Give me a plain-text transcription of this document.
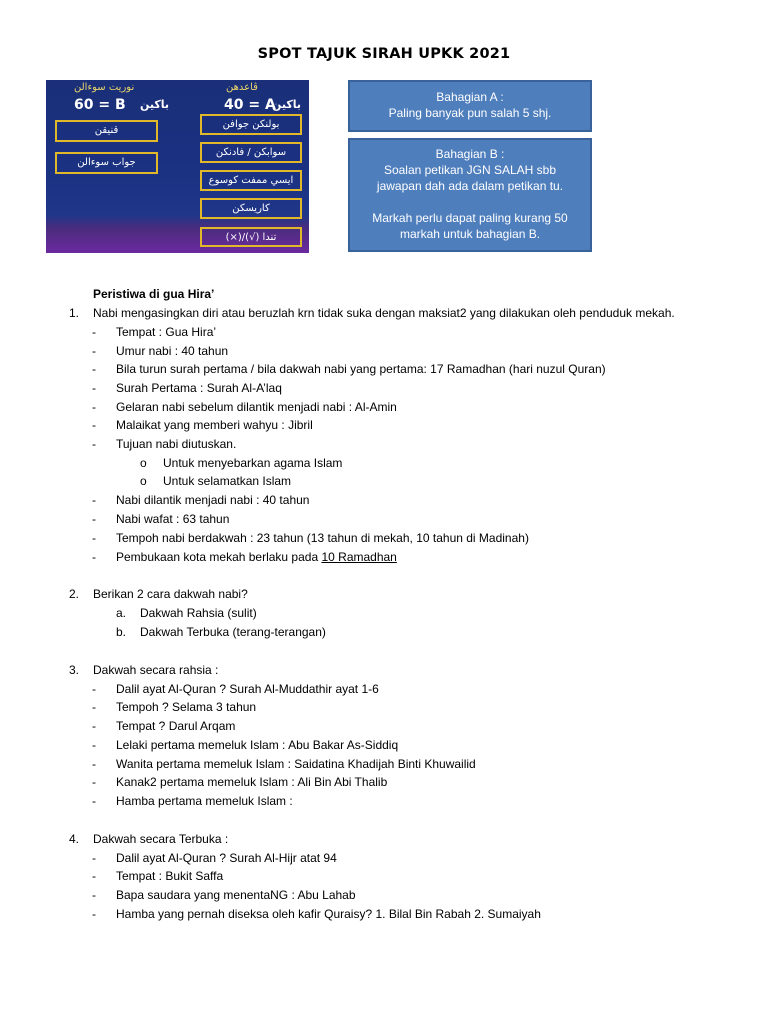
SPOT TAJUK SIRAH UPKK 2021
نوريت سوءالن	ڤاعدهن
60 = B باكين	40 = A
باكين
قنيقن
جواب سوءالن
بولنكن جوافن
سوابكن / فادنكن
ايسي ممفت كوسوع
كاريسكن
(×)/(√) تندا

Bahagian A :

Paling banyak pun salah 5 shj.

Bahagian B :

Soalan petikan JGN SALAH sbb

jawapan dah ada dalam petikan tu.

Markah perlu dapat paling kurang 50

markah untuk bahagian B.

Peristiwa di gua Hira’
1. Nabi mengasingkan diri atau beruzlah krn tidak suka dengan maksiat2 yang dilakukan oleh penduduk mekah.
- Tempat : Gua Hira’
- Umur nabi : 40 tahun
- Bila turun surah pertama / bila dakwah nabi yang pertama: 17 Ramadhan (hari nuzul Quran)
- Surah Pertama : Surah Al-A’laq
- Gelaran nabi sebelum dilantik menjadi nabi : Al-Amin
- Malaikat yang memberi wahyu : Jibril
- Tujuan nabi diutuskan.
o Untuk menyebarkan agama Islam
o Untuk selamatkan Islam
- Nabi dilantik menjadi nabi : 40 tahun
- Nabi wafat : 63 tahun
- Tempoh nabi berdakwah : 23 tahun (13 tahun di mekah, 10 tahun di Madinah)
- Pembukaan kota mekah berlaku pada 10 Ramadhan
2. Berikan 2 cara dakwah nabi?
a. Dakwah Rahsia (sulit)
b. Dakwah Terbuka (terang-terangan)
3. Dakwah secara rahsia :
- Dalil ayat Al-Quran ? Surah Al-Muddathir ayat 1-6
- Tempoh ? Selama 3 tahun
- Tempat ? Darul Arqam
- Lelaki pertama memeluk Islam : Abu Bakar As-Siddiq
- Wanita pertama memeluk Islam : Saidatina Khadijah Binti Khuwailid
- Kanak2 pertama memeluk Islam : Ali Bin Abi Thalib
- Hamba pertama memeluk Islam :
4. Dakwah secara Terbuka :
- Dalil ayat Al-Quran ? Surah Al-Hijr atat 94
- Tempat : Bukit Saffa
- Bapa saudara yang menentaNG : Abu Lahab
- Hamba yang pernah diseksa oleh kafir Quraisy? 1. Bilal Bin Rabah 2. Sumaiyah
